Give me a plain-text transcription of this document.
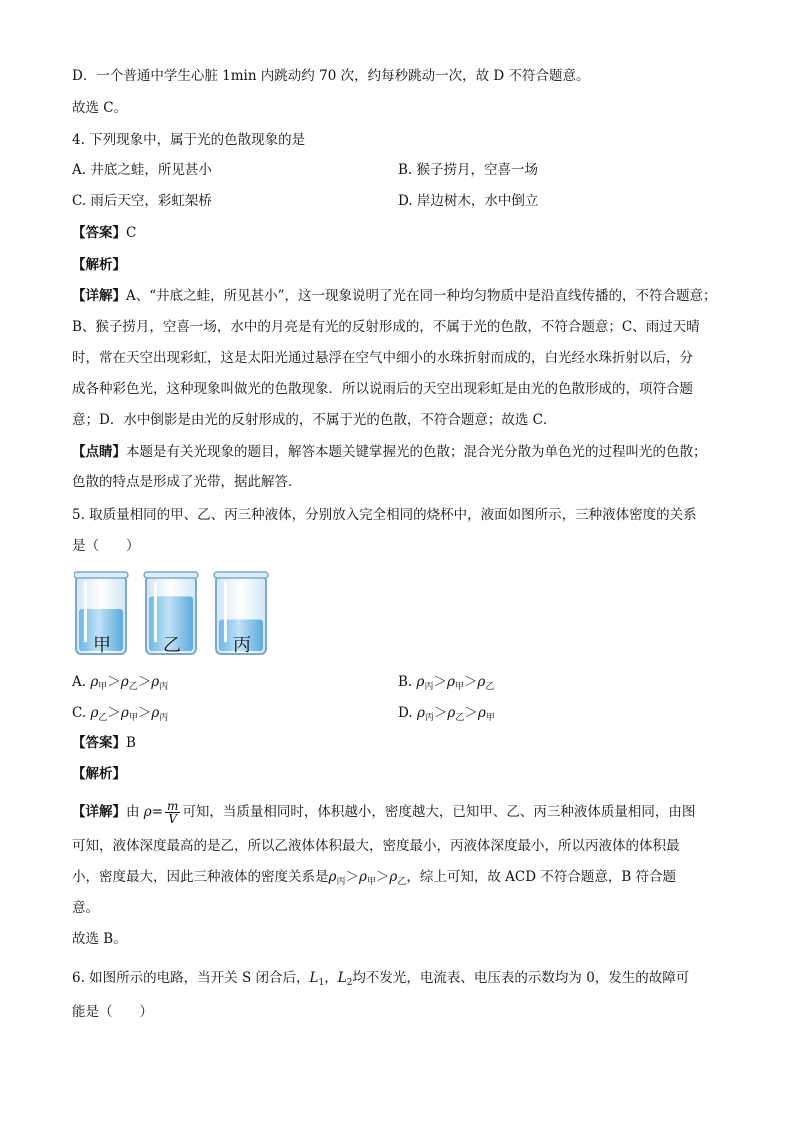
D．一个普通中学生心脏 1min 内跳动约 70 次，约每秒跳动一次，故 D 不符合题意。
故选 C。
4. 下列现象中，属于光的色散现象的是
A. 井底之蛙，所见甚小	B. 猴子捞月，空喜一场
C. 雨后天空，彩虹架桥	D. 岸边树木，水中倒立
【答案】C
【解析】
【详解】A、“井底之蛙，所见甚小”，这一现象说明了光在同一种均匀物质中是沿直线传播的，不符合题意；
B、猴子捞月，空喜一场，水中的月亮是有光的反射形成的，不属于光的色散，不符合题意；C、雨过天晴
时，常在天空出现彩虹，这是太阳光通过悬浮在空气中细小的水珠折射而成的，白光经水珠折射以后，分
成各种彩色光，这种现象叫做光的色散现象．所以说雨后的天空出现彩虹是由光的色散形成的，项符合题
意；D．水中倒影是由光的反射形成的，不属于光的色散，不符合题意；故选 C．
【点睛】本题是有关光现象的题目，解答本题关键掌握光的色散；混合光分散为单色光的过程叫光的色散；
色散的特点是形成了光带，据此解答．
5. 取质量相同的甲、乙、丙三种液体，分别放入完全相同的烧杯中，液面如图所示，三种液体密度的关系
是（　　）
甲	乙	丙
A. $\rho_甲>\rho_乙>\rho_丙$	B. $\rho_丙>\rho_甲>\rho_乙$
C. $\rho_乙>\rho_甲>\rho_丙$	D. $\rho_丙>\rho_乙>\rho_甲$
【答案】B
【解析】
【详解】由 $\rho= \frac{m}{V}$ 可知，当质量相同时，体积越小，密度越大，已知甲、乙、丙三种液体质量相同，由图
可知，液体深度最高的是乙，所以乙液体体积最大，密度最小，丙液体深度最小，所以丙液体的体积最
小，密度最大，因此三种液体的密度关系是$\rho_丙>\rho_甲>\rho_乙$，综上可知，故 ACD 不符合题意，B 符合题
意。
故选 B。
6. 如图所示的电路，当开关 S 闭合后，$L_1$，$L_2$均不发光，电流表、电压表的示数均为 0，发生的故障可
能是（　　）
